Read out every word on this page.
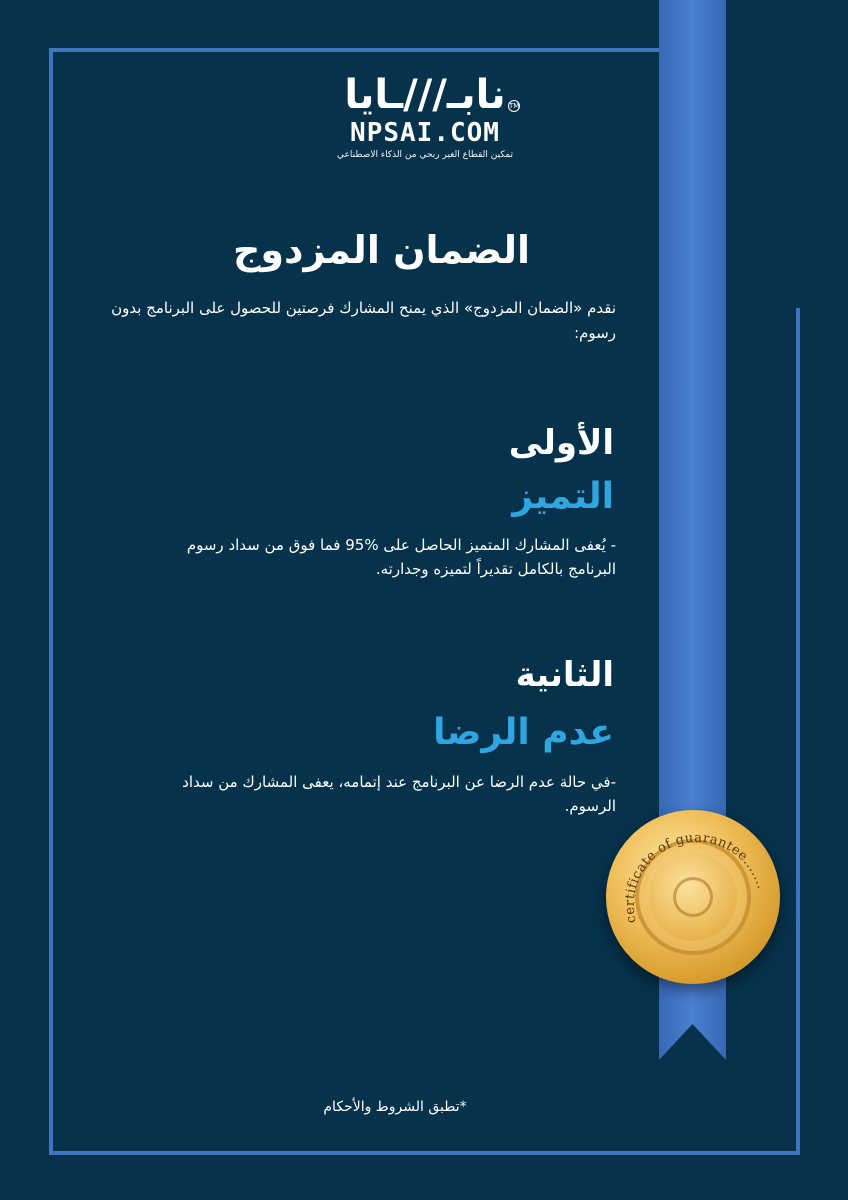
نابـ///ـايا TM
NPSAI.COM
تمكين القطاع الغير ربحي من الذكاء الاصطناعي
الضمان المزدوج

نقدم «الضمان المزدوج» الذي يمنح المشارك فرصتين للحصول على البرنامج بدون رسوم:

الأولى
التميز

- يُعفى المشارك المتميز الحاصل على %95 فما فوق من سداد رسوم البرنامج بالكامل تقديراً لتميزه وجدارته.

الثانية
عدم الرضا

-في حالة عدم الرضا عن البرنامج عند إتمامه، يعفى المشارك من سداد الرسوم.

certificate of guarantee.......

*تطبق الشروط والأحكام
